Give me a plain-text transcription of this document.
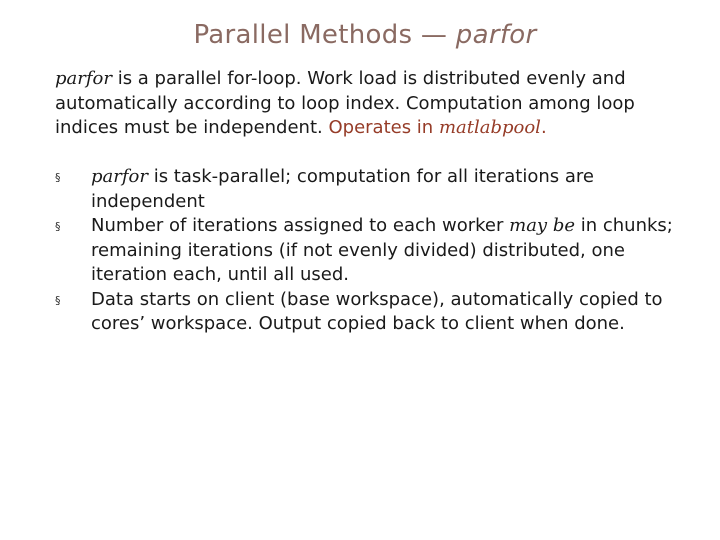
Parallel Methods — parfor
parfor is a parallel for-loop. Work load is distributed evenly and automatically according to loop index. Computation among loop indices must be independent. Operates in matlabpool.
§ parfor is task-parallel; computation for all iterations are independent
§ Number of iterations assigned to each worker may be in chunks; remaining iterations (if not evenly divided) distributed, one iteration each, until all used.
§ Data starts on client (base workspace), automatically copied to cores’ workspace. Output copied back to client when done.
